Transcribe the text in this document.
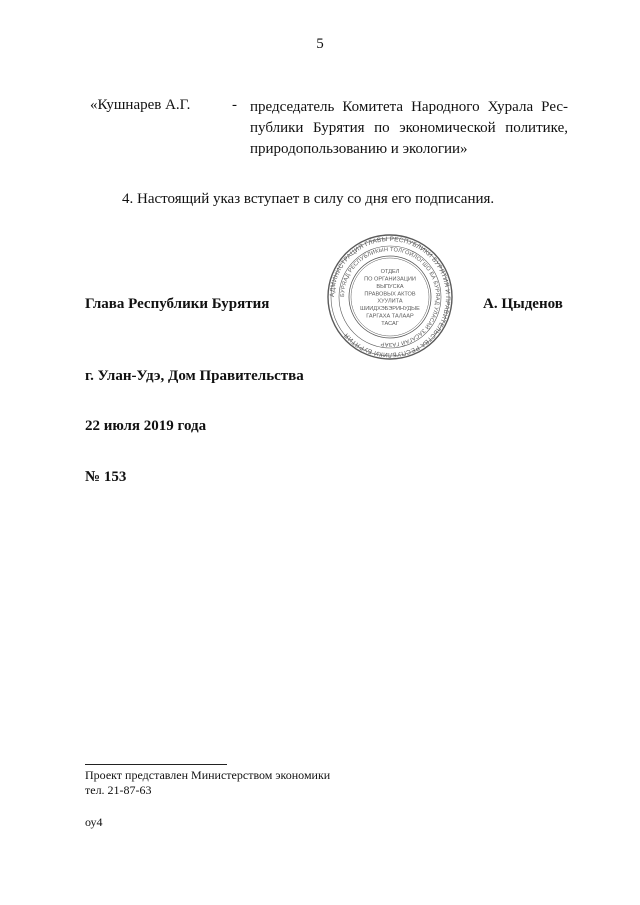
5
«Кушнарев А.Г.	- председатель Комитета Народного Хурала Рес-
публики Бурятия по экономической политике,
природопользованию и экологии»
4. Настоящий указ вступает в силу со дня его подписания.
Глава Республики Бурятия
АДМИНИСТРАЦИЯ ГЛАВЫ РЕСПУБЛИКИ БУРЯТИЯ И ПРАВИТЕЛЬСТВА РЕСПУБЛИКИ БУРЯТИЯ
БУРЯАД РЕСПУБЛИКЫН ТОЛГОЙЛОГШО БА БУРЯАД УЛАСАЙ ЗАСАГАЙ ГАЗАР
ОТДЕЛ
ПО ОРГАНИЗАЦИИ
ВЫПУСКА
ПРАВОВЫХ АКТОВ
ХУУЛИТА
ШИИДХЭБЭРИНУДЫЕ
ГАРГАХА ТАЛААР
ТАСАГ
А. Цыденов
г. Улан-Удэ, Дом Правительства
22 июля 2019 года
№ 153
Проект представлен Министерством экономики
тел. 21-87-63
оу4
